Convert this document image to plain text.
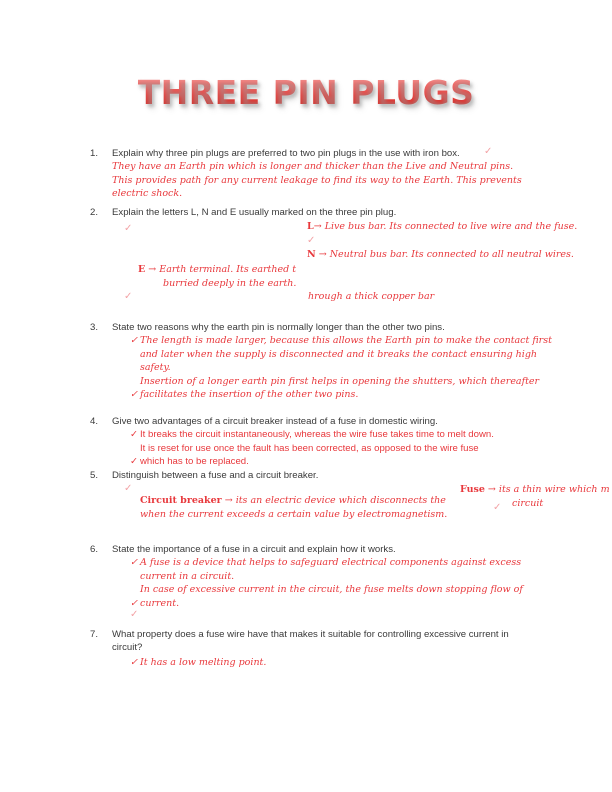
THREE PIN PLUGS
1.	Explain why three pin plugs are preferred to two pin plugs in the use with iron box.	✓
They have an Earth pin which is longer and thicker than the Live and Neutral pins.
This provides path for any current leakage to find its way to the Earth. This prevents
electric shock.
2.	Explain the letters L, N and E usually marked on the three pin plug.
✓
✓
✓
L→ Live bus bar. Its connected to live wire and the fuse.
N → Neutral bus bar. Its connected to all neutral wires.
E → Earth terminal. Its earthed t
burried deeply in the earth.
hrough a thick copper bar
3.	State two reasons why the earth pin is normally longer than the other two pins.
✓ The length is made larger, because this allows the Earth pin to make the contact first
and later when the supply is disconnected and it breaks the contact ensuring high
safety.
Insertion of a longer earth pin first helps in opening the shutters, which thereafter
✓ facilitates the insertion of the other two pins.
4.	Give two advantages of a circuit breaker instead of a fuse in domestic wiring.
✓ It breaks the circuit instantaneously, whereas the wire fuse takes time to melt down.
It is reset for use once the fault has been corrected, as opposed to the wire fuse
✓ which has to be replaced.
5.	Distinguish between a fuse and a circuit breaker.
✓
✓
Circuit breaker → its an electric device which disconnects the
when the current exceeds a certain value by electromagnetism.
Fuse → its a thin wire which m
circuit
6.	State the importance of a fuse in a circuit and explain how it works.
✓ A fuse is a device that helps to safeguard electrical components against excess
current in a circuit.
In case of excessive current in the circuit, the fuse melts down stopping flow of
✓ current.
✓
7.	What property does a fuse wire have that makes it suitable for controlling excessive current in
circuit?
✓ It has a low melting point.
